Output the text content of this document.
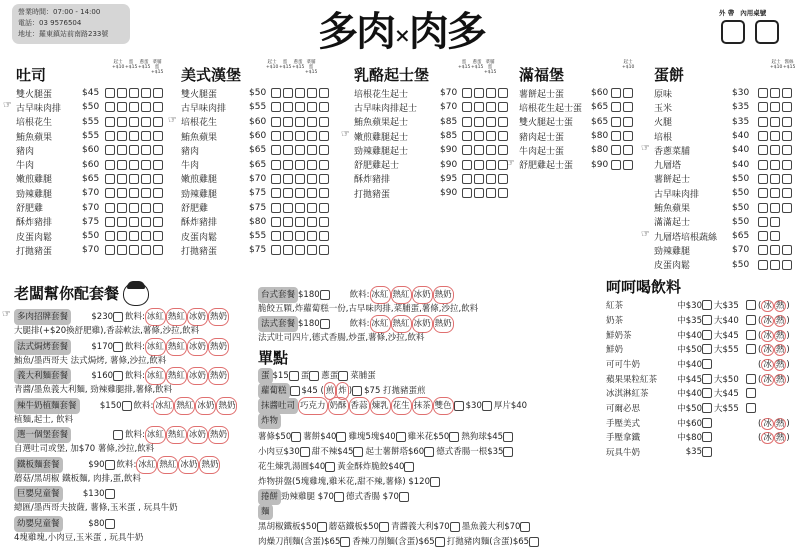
營業時間：07:00 - 14:00
電話：03 9576504
地址：羅東鎮站前南路233號	多肉×肉多	外 帶 內用桌號
吐司
起士+$10
蛋+$15
蔥蛋+$15
菜脯蛋+$15
雙火腿蛋	$45
古早味肉排	$50
☞
培根花生	$55
鮪魚蘋果	$55
豬肉	$60
牛肉	$60
嫩煎雞腿	$65
勁辣雞腿	$70
舒肥雞	$70
酥炸豬排	$75
皮蛋肉鬆	$50
打拋豬蛋	$70
美式漢堡
起士+$10
蛋+$15
蔥蛋+$15
菜脯蛋+$15
雙火腿蛋	$50
古早味肉排	$55
培根花生	$60
☞
鮪魚蘋果	$60
豬肉	$65
牛肉	$65
嫩煎雞腿	$70
勁辣雞腿	$75
舒肥雞	$75
酥炸豬排	$80
皮蛋肉鬆	$55
打拋豬蛋	$75
乳酪起士堡
蛋+$15
蔥蛋+$15
菜脯蛋+$15
培根花生起士	$70
古早味肉排起士	$70
鮪魚蘋果起士	$85
嫩煎雞腿起士	$85
☞
勁辣雞腿起士	$90
舒肥雞起士	$90
酥炸豬排	$95
打拋豬蛋	$90
滿福堡
起士+$10
薯餅起士蛋	$60
培根花生起士蛋 $65
雙火腿起士蛋	$65
豬肉起士蛋	$80
牛肉起士蛋	$80
舒肥雞起士蛋	$90
☞
蛋餅
起士+$10
酱絲+$15
原味	$30
玉米	$35
火腿	$35
培根	$40
香蔥菜脯	$40
☞
九層塔	$40
薯餅起士	$50
古早味肉排	$50
鮪魚蘋果	$50
滿滿起士	$50
九層塔培根蔬絲	$65
☞
勁辣雞腿	$70
皮蛋肉鬆	$50
老闆幫你配套餐
多肉招牌套餐	$230 飲料: 冰紅 熱紅 冰奶 熱奶
大腿排(+$20換舒肥雞),香蒜軟法,薯條,沙拉,飲料
☞
法式焗烤套餐	$170 飲料: 冰紅 熱紅 冰奶 熱奶
鮪魚/墨西哥夫 法式焗烤, 薯條,沙拉,飲料
義大利麵套餐	$160 飲料: 冰紅 熱紅 冰奶 熱奶
青醬/墨魚義大利麵, 勁辣雞腿排,薯條,飲料
辣牛奶植麵套餐	$150 飲料: 冰紅 熱紅 冰奶 熱奶
植麵,起士, 飲料
選一個堡套餐	飲料: 冰紅 熱紅 冰奶 熱奶
自選吐司或堡, 加$70 薯條,沙拉,飲料
鐵板麵套餐	$90 飲料: 冰紅 熱紅 冰奶 熱奶
蘑菇/黑胡椒 鐵板麵, 肉排,蛋,飲料
巨嬰兒童餐	$130
總匯/墨西哥夫披薩, 薯條,玉米蛋 , 玩具牛奶
幼嬰兒童餐	$80
4塊雞塊,小肉豆,玉米蛋 , 玩具牛奶
台式套餐 $180	飲料: 冰紅 熱紅 冰奶 熱奶
脆餃五顆,炸蘿蔔糕一份,古早味肉排,菜脯蛋,薯條,沙拉,飲料
法式套餐 $180	飲料: 冰紅 熱紅 冰奶 熱奶
法式吐司四片,德式香腸,炒蛋,薯條,沙拉,飲料
單點
蛋 $15 蛋 蔥蛋 菜脯蛋
蘿蔔糕	$45 ( 煎 炸 ) $75 打拋豬蛋煎
抹醬吐司 巧克力 奶酥 香蒜 煉乳 花生 抹茶 雙色 $30 厚片$40
炸物
薯條$50 薯餅$40 雞塊5塊$40 雞米花$50 熱狗球$45
小肉豆$30 甜不辣$45 起士薯餅塔$60 德式香腸一根$35
花生煉乳湯圓$40 黃金酥炸脆餃$40
炸物拼盤(5塊雞塊,雞米花,甜不辣,薯條) $120
捲餅 勁辣雞腿 $70 德式香腸 $70
麵
黑胡椒鐵板$50 蘑菇鐵板$50 青醬義大利$70 墨魚義大利$70
肉燥刀削麵(含蛋)$65 香辣刀削麵(含蛋)$65 打拋豬肉麵(含蛋)$65
呵呵喝飲料
紅茶	中$30 大$35	( 冰 熱 )
奶茶	中$35 大$40	( 冰 熱 )
鮮奶茶	中$40 大$45	( 冰 熱 )
鮮奶	中$50 大$55	( 冰 熱 )
可可牛奶	中$40	( 冰 熱 )
蘋果果粒紅茶	中$45 大$50	( 冰 熱 )
冰淇淋紅茶	中$40 大$45
可爾必思	中$50 大$55
手壓美式	中$60	( 冰 熱 )
手壓拿鐵	中$80	( 冰 熱 )
玩具牛奶	$35
